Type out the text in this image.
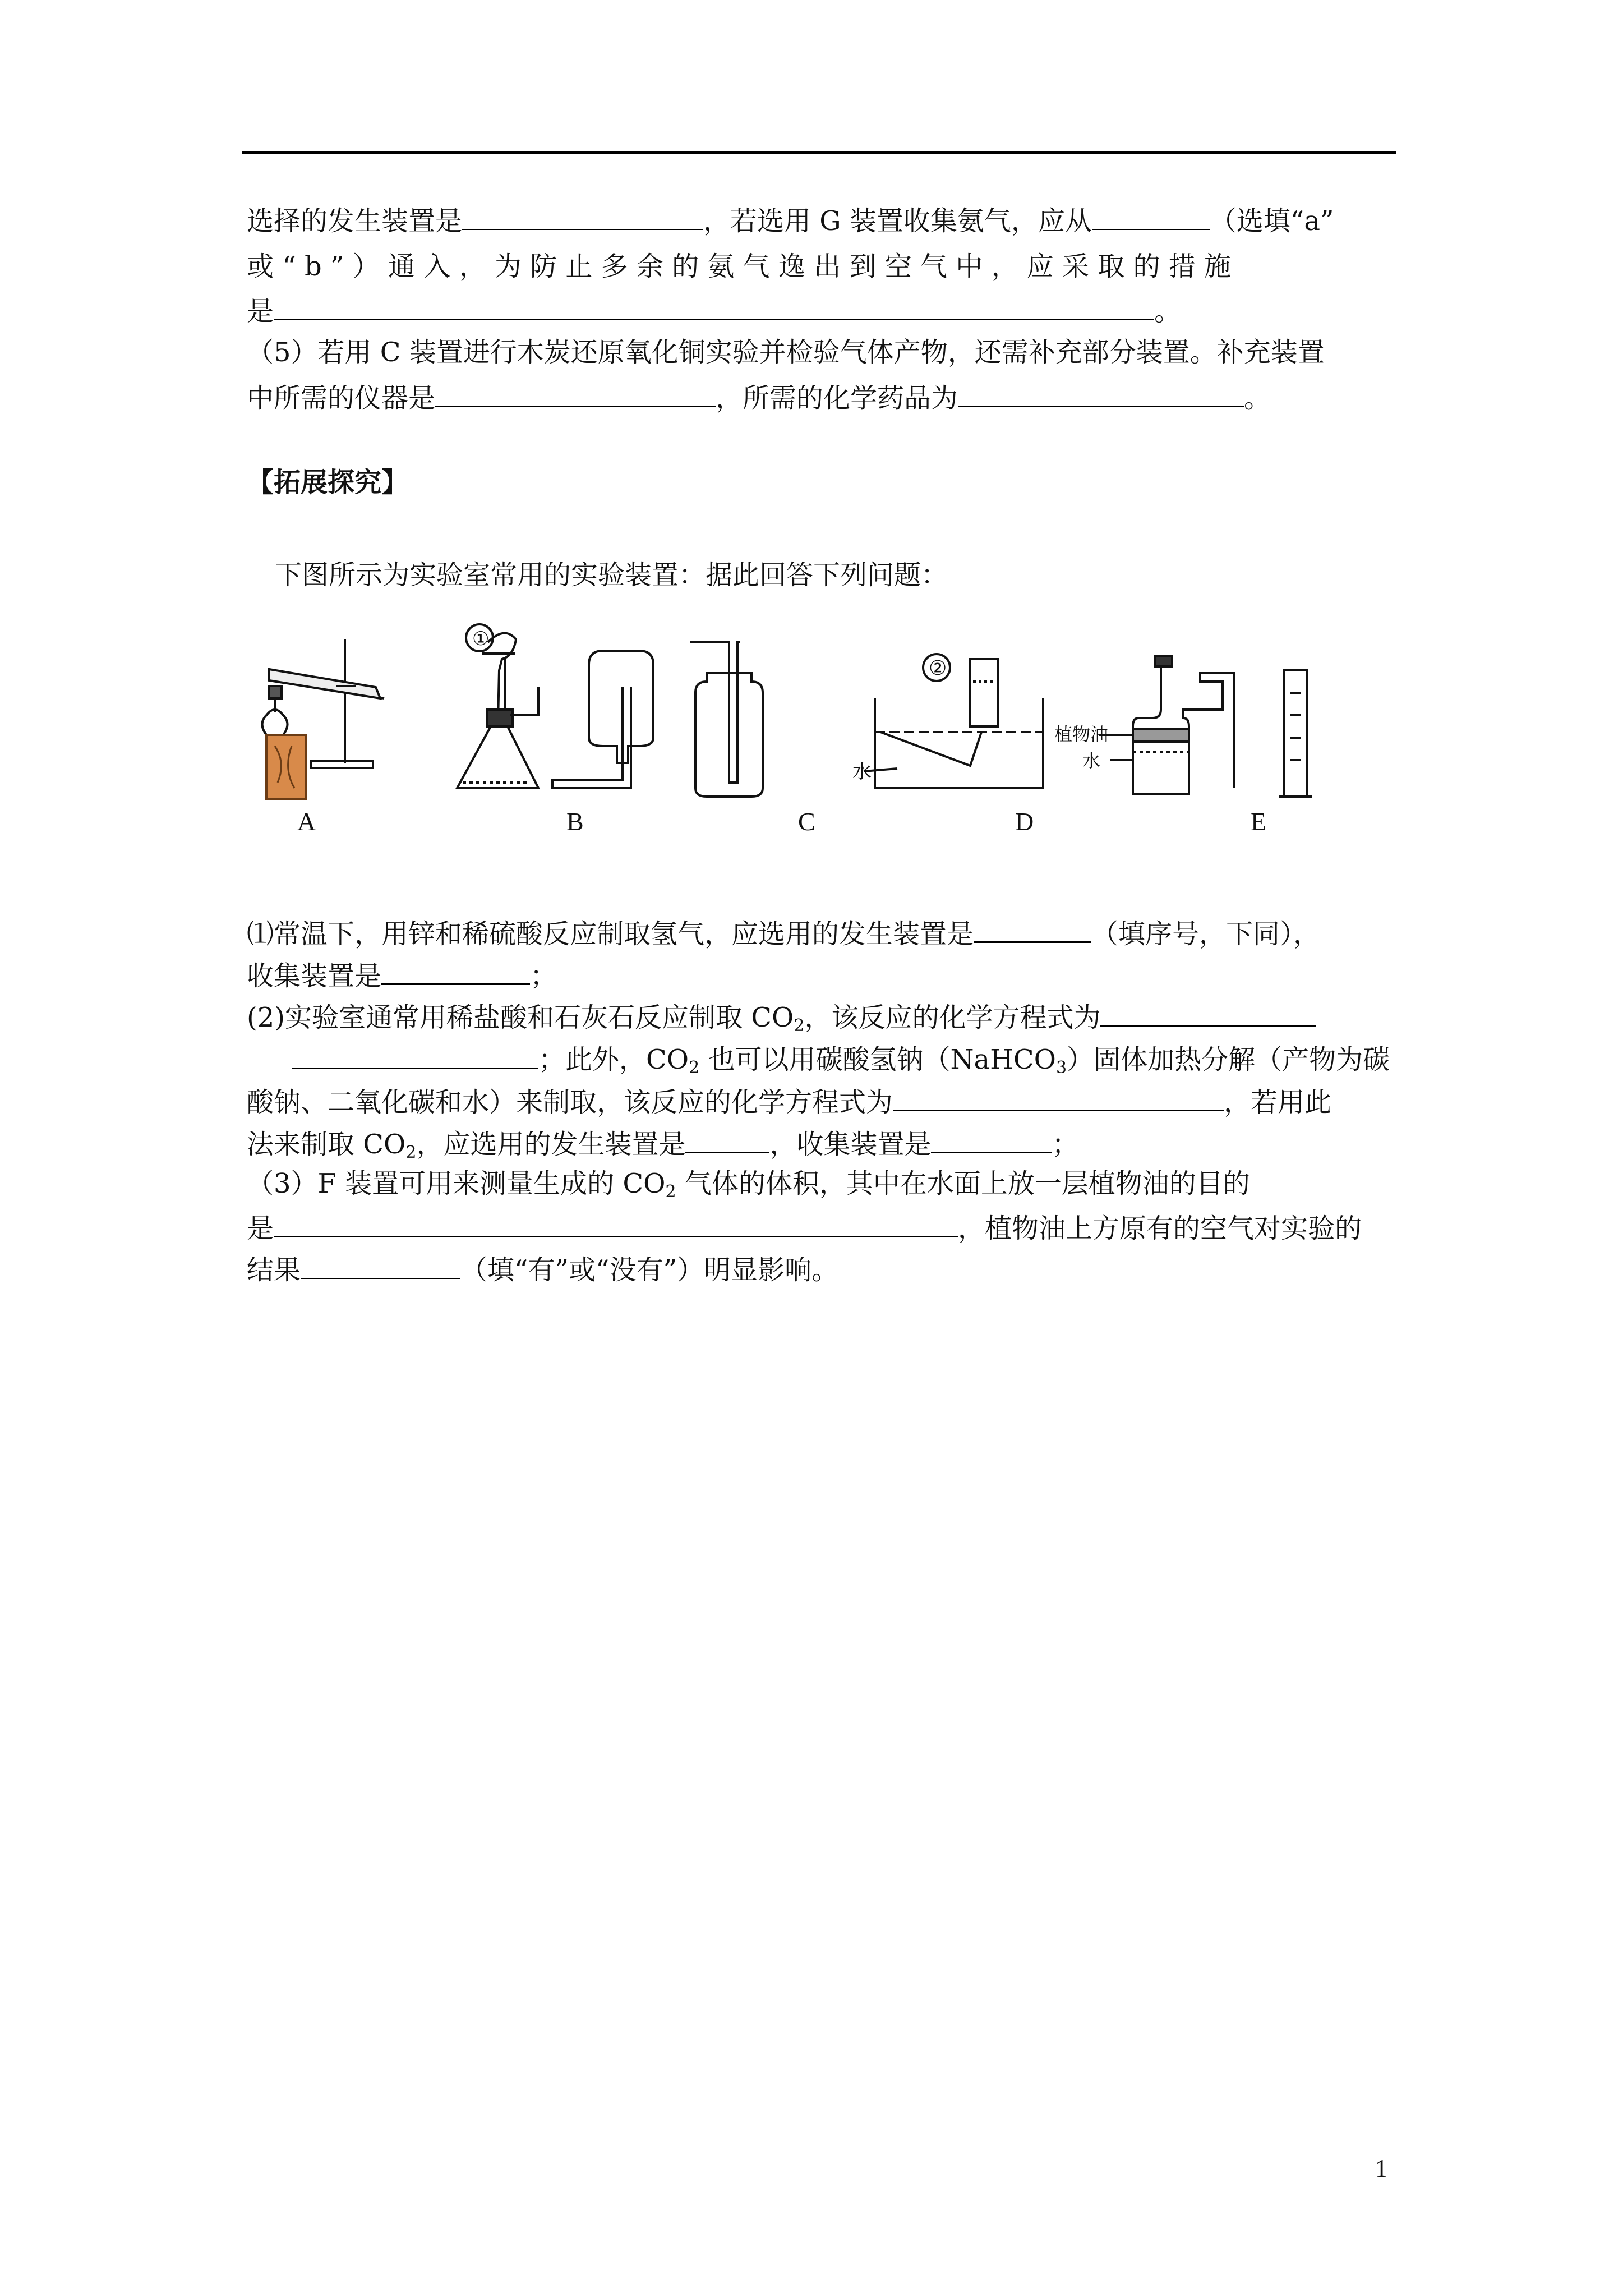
选择的发生装置是	，若选用 G 装置收集氨气，应从	（选填“a”
或 “ b ” ） 通 入 ， 为 防 止 多 余 的 氨 气 逸 出 到 空 气 中 ， 应 采 取 的 措 施
是	。
（5）若用 C 装置进行木炭还原氧化铜实验并检验气体产物，还需补充部分装置。补充装置
中所需的仪器是	，所需的化学药品为	。
【拓展探究】
下图所示为实验室常用的实验装置：据此回答下列问题：
①
②
水
植物油
水
A	B	C	D	E
⑴常温下，用锌和稀硫酸反应制取氢气，应选用的发生装置是	（填序号，下同），
收集装置是	；
(2)实验室通常用稀盐酸和石灰石反应制取 $CO_2$，该反应的化学方程式为
；此外，$CO_2$ 也可以用碳酸氢钠（NaHCO$_3$）固体加热分解（产物为碳
酸钠、二氧化碳和水）来制取，该反应的化学方程式为	，若用此
法来制取 $CO_2$，应选用的发生装置是	，收集装置是	；
（3）F 装置可用来测量生成的 $CO_2$ 气体的体积，其中在水面上放一层植物油的目的
是	，植物油上方原有的空气对实验的
结果	（填“有”或“没有”）明显影响。
1
